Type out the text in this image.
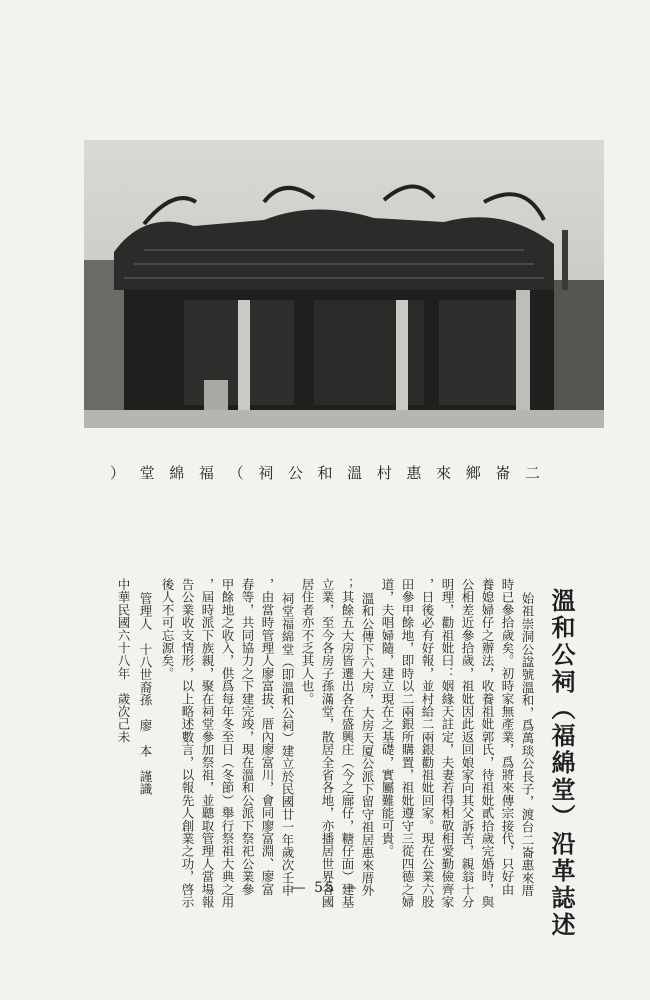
二
崙
鄉
來
惠
村
溫
和
公
祠
（
福
綿
堂
）
溫和公祠（福綿堂）沿革誌述
始祖崇洞公諡號溫和，爲萬琰公長子，渡台二崙惠來厝
時已參拾歲矣。初時家無產業，爲將來傳宗接代，只好由
養媳婦仔之辦法，收養祖妣郭氏，待祖妣貳拾歲完婚時，與
公相差近參拾歲，祖妣因此返回娘家向其父訴苦，親翁十分
明理，勸祖妣曰：姻緣天註定，夫妻若得相敬相愛勤儉齊家
，日後必有好報，並村給二兩銀勸祖妣回家。現在公業六股
田參甲餘地，即時以二兩銀所購置，祖妣遵守三從四德之婦
道，夫唱婦隨，建立現在之基礎，實屬難能可貴。
溫和公傳下六大房，大房天厦公派下留守祖居惠來厝外
；其餘五大房皆遷出各在盛興庄（今之廍仔，糖仔面）建基
立業，至今各房子孫滿堂，散居全省各地，亦播居世界各國
居住者亦不乏其人也。
祠堂福綿堂（即溫和公祠）建立於民國廿一年歲次壬申
，由當時管理人廖富拔、厝內廖富川，會同廖富淵、廖富
春等，共同協力之下建完竣，現在溫和公派下祭祀公業參
甲餘地之收入，供爲每年冬至日（冬節）舉行祭祖大典之用
，屆時派下族親，聚在祠堂參加祭祖，並聽取管理人當場報
告公業收支情形，以上略述數言，以報先人創業之功，啓示
後人不可忘源矣。
管理人　十八世裔孫　廖　本　謹識
中華民國六十八年　歲次己未
— 55 —
